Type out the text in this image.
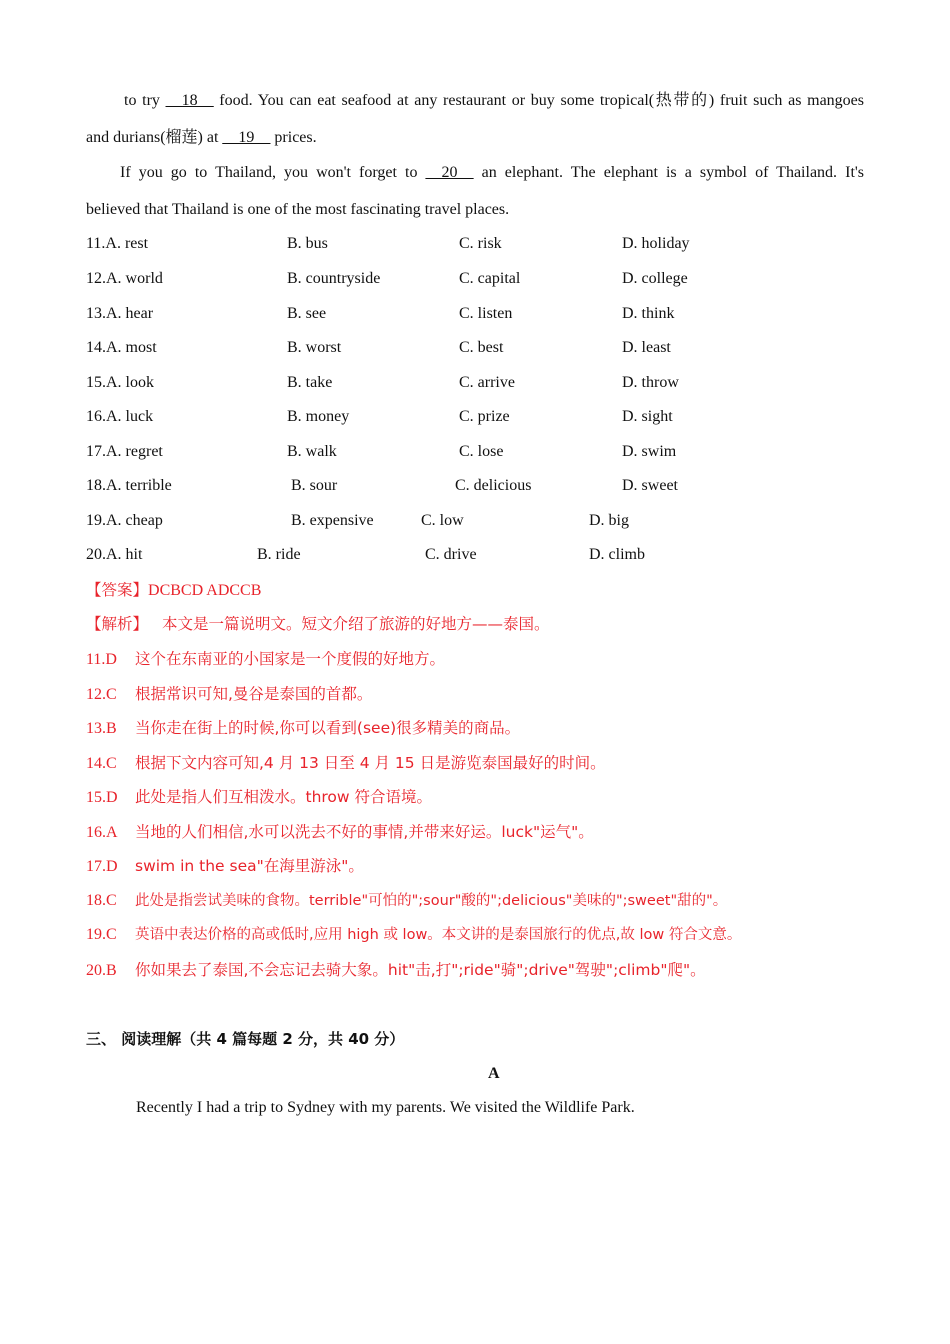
to try __18__ food. You can eat seafood at any restaurant or buy some tropical(热带的) fruit such as mangoes
and durians(榴莲) at __19__ prices.
If you go to Thailand, you won't forget to __20__ an elephant. The elephant is a symbol of Thailand. It's
believed that Thailand is one of the most fascinating travel places.
11.A. rest	B. bus	C. risk	D. holiday
12.A. world	B. countryside	C. capital	D. college
13.A. hear	B. see	C. listen	D. think
14.A. most	B. worst	C. best	D. least
15.A. look	B. take	C. arrive	D. throw
16.A. luck	B. money	C. prize	D. sight
17.A. regret	B. walk	C. lose	D. swim
18.A. terrible	B. sour	C. delicious	D. sweet
19.A. cheap	B. expensive	C. low	D. big
20.A. hit	B. ride	C. drive	D. climb
【答案】DCBCD ADCCB
【解析】 本文是一篇说明文。短文介绍了旅游的好地方——泰国。
11.D 这个在东南亚的小国家是一个度假的好地方。
12.C 根据常识可知,曼谷是泰国的首都。
13.B 当你走在街上的时候,你可以看到(see)很多精美的商品。
14.C 根据下文内容可知,4 月 13 日至 4 月 15 日是游览泰国最好的时间。
15.D 此处是指人们互相泼水。throw 符合语境。
16.A 当地的人们相信,水可以洗去不好的事情,并带来好运。luck"运气"。
17.D swim in the sea"在海里游泳"。
18.C 此处是指尝试美味的食物。terrible"可怕的";sour"酸的";delicious"美味的";sweet"甜的"。
19.C 英语中表达价格的高或低时,应用 high 或 low。本文讲的是泰国旅行的优点,故 low 符合文意。
20.B 你如果去了泰国,不会忘记去骑大象。hit"击,打";ride"骑";drive"驾驶";climb"爬"。
三、 阅读理解（共 4 篇每题 2 分，共 40 分）
A
Recently I had a trip to Sydney with my parents. We visited the Wildlife Park.
